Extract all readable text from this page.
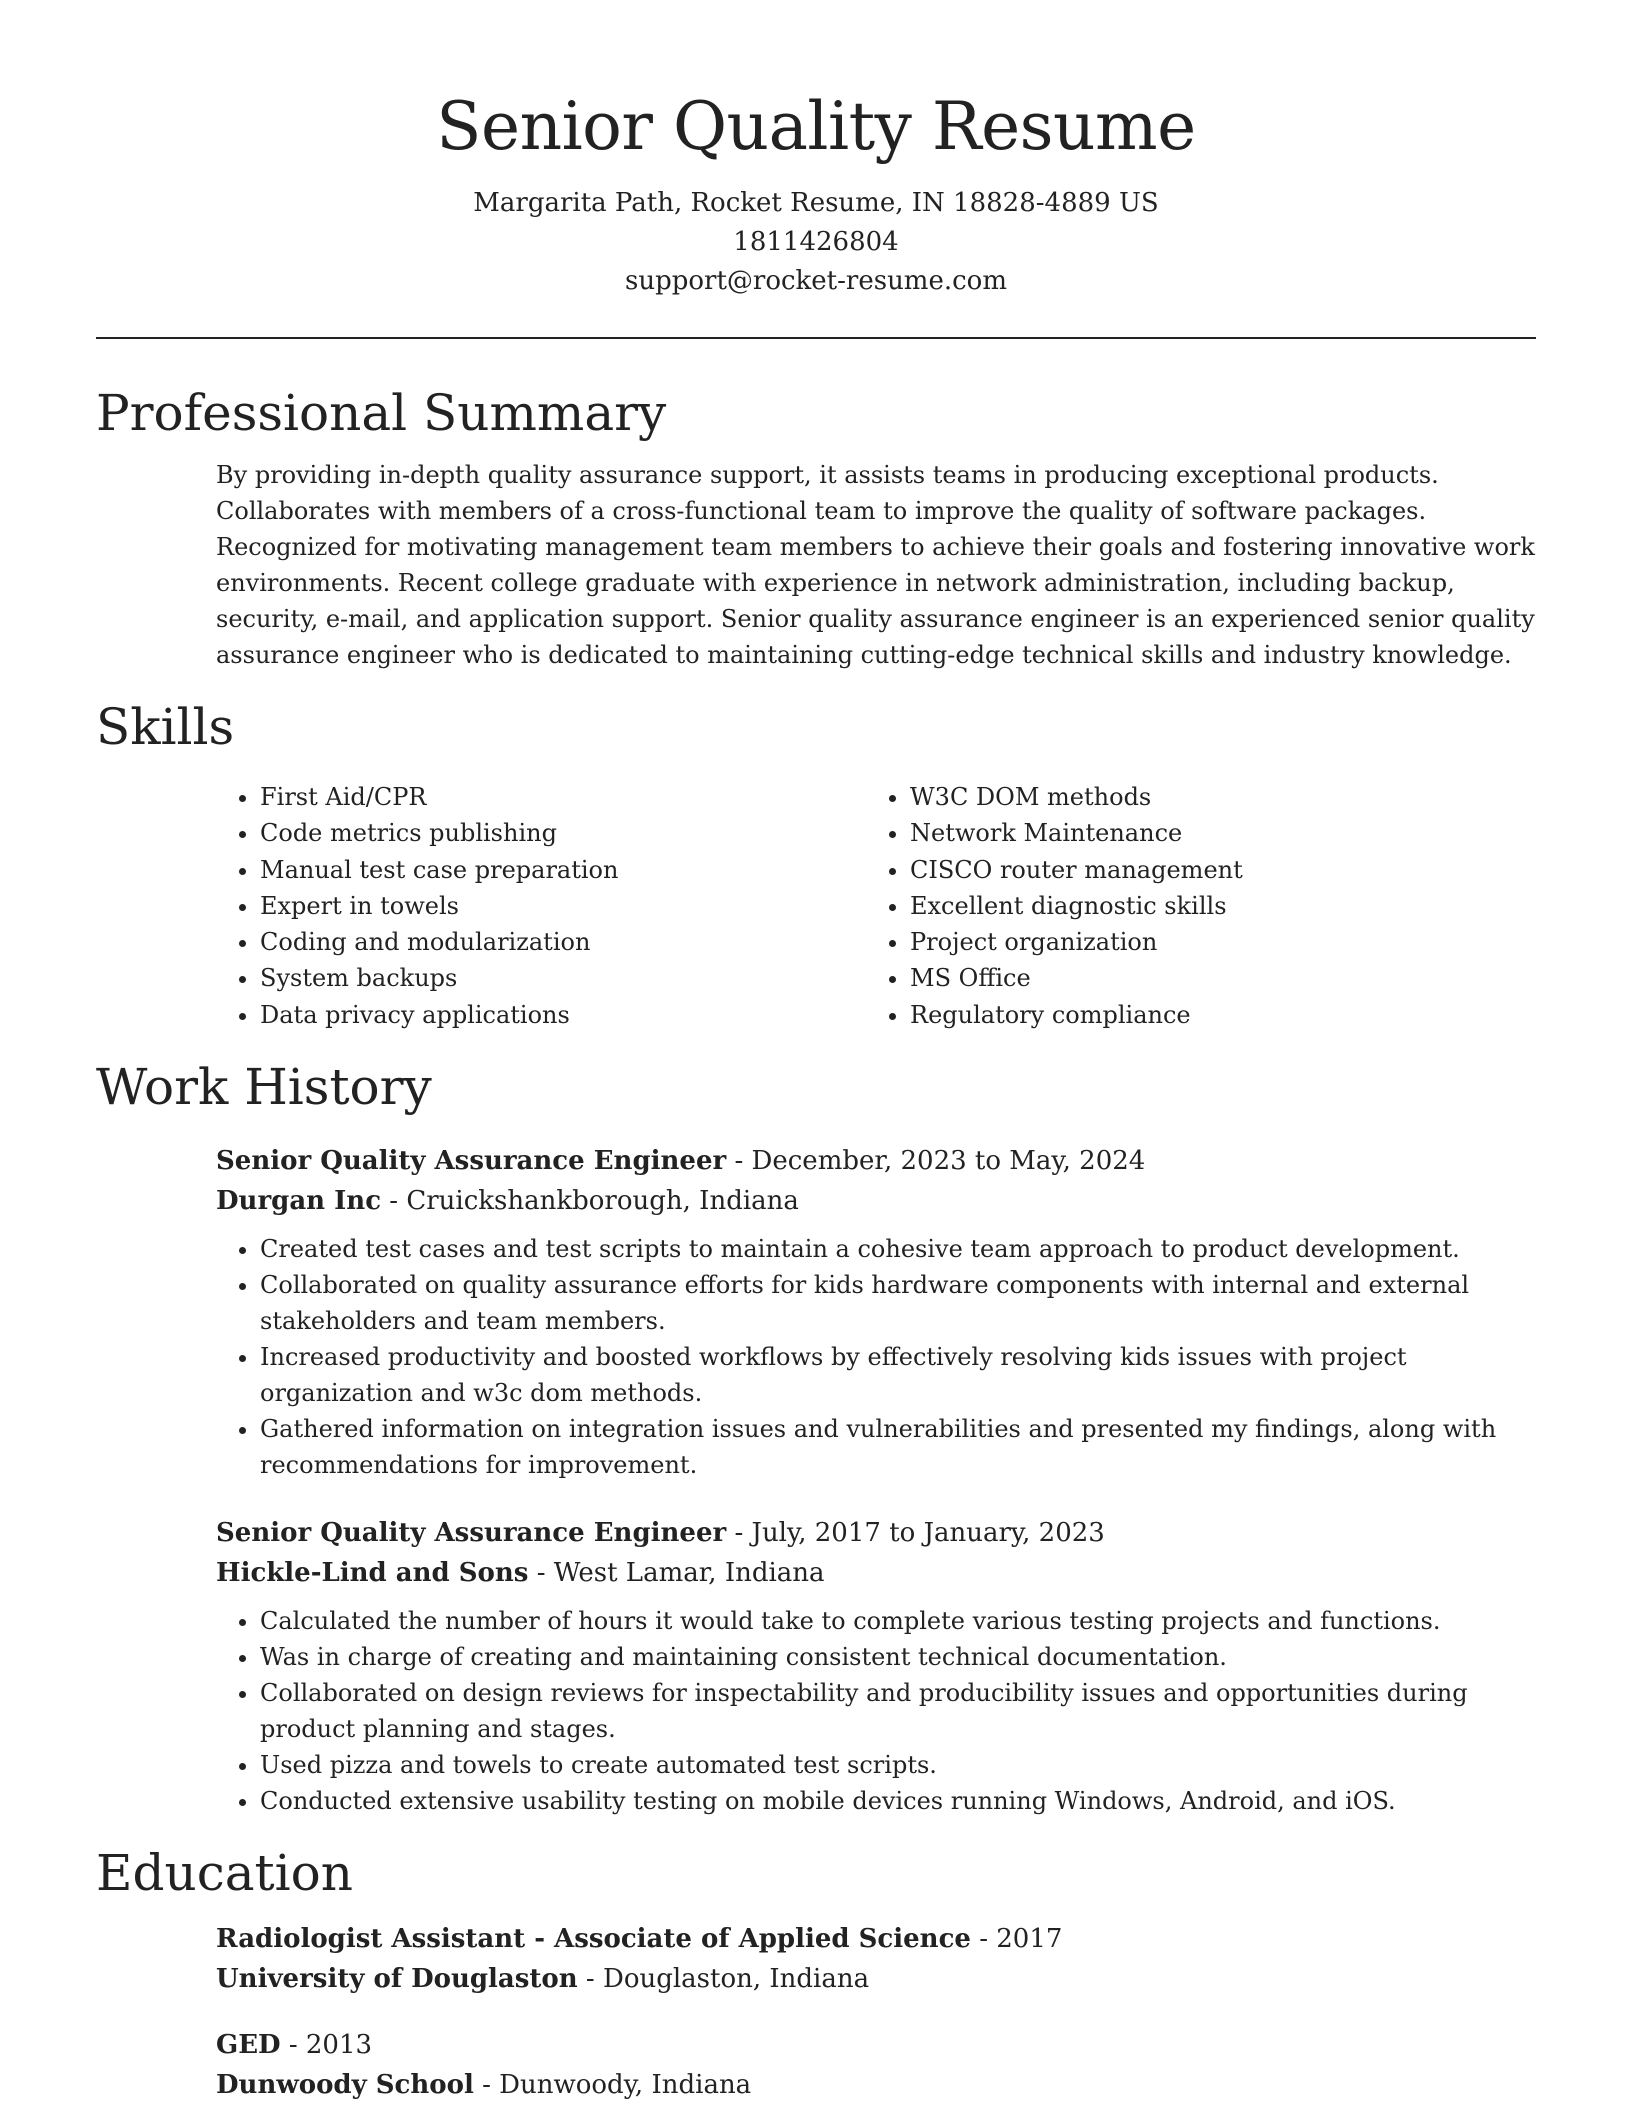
Senior Quality Resume
Margarita Path, Rocket Resume, IN 18828-4889 US
1811426804
support@rocket-resume.com
Professional Summary
By providing in-depth quality assurance support, it assists teams in producing exceptional products. Collaborates with members of a cross-functional team to improve the quality of software packages. Recognized for motivating management team members to achieve their goals and fostering innovative work environments. Recent college graduate with experience in network administration, including backup, security, e-mail, and application support. Senior quality assurance engineer is an experienced senior quality assurance engineer who is dedicated to maintaining cutting-edge technical skills and industry knowledge.
Skills
• First Aid/CPR
• Code metrics publishing
• Manual test case preparation
• Expert in towels
• Coding and modularization
• System backups
• Data privacy applications
• W3C DOM methods
• Network Maintenance
• CISCO router management
• Excellent diagnostic skills
• Project organization
• MS Office
• Regulatory compliance
Work History
Senior Quality Assurance Engineer - December, 2023 to May, 2024
Durgan Inc - Cruickshankborough, Indiana
• Created test cases and test scripts to maintain a cohesive team approach to product development.
• Collaborated on quality assurance efforts for kids hardware components with internal and external stakeholders and team members.
• Increased productivity and boosted workflows by effectively resolving kids issues with project organization and w3c dom methods.
• Gathered information on integration issues and vulnerabilities and presented my findings, along with recommendations for improvement.
Senior Quality Assurance Engineer - July, 2017 to January, 2023
Hickle-Lind and Sons - West Lamar, Indiana
• Calculated the number of hours it would take to complete various testing projects and functions.
• Was in charge of creating and maintaining consistent technical documentation.
• Collaborated on design reviews for inspectability and producibility issues and opportunities during product planning and stages.
• Used pizza and towels to create automated test scripts.
• Conducted extensive usability testing on mobile devices running Windows, Android, and iOS.
Education
Radiologist Assistant - Associate of Applied Science - 2017
University of Douglaston - Douglaston, Indiana
GED - 2013
Dunwoody School - Dunwoody, Indiana
